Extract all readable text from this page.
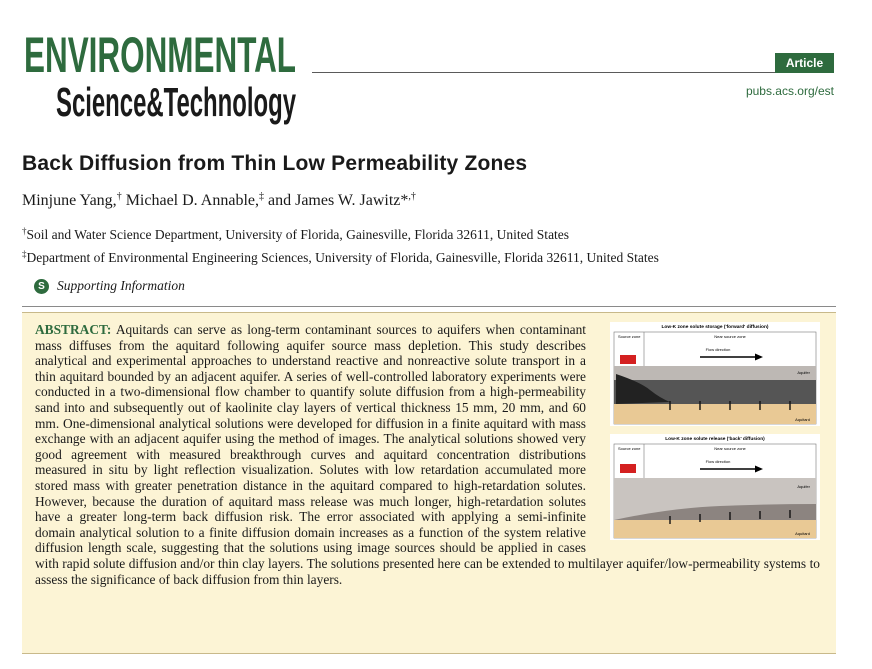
ENVIRONMENTAL
Science&Technology
Article
pubs.acs.org/est
Back Diffusion from Thin Low Permeability Zones
Minjune Yang,† Michael D. Annable,‡ and James W. Jawitz*,†
†Soil and Water Science Department, University of Florida, Gainesville, Florida 32611, United States
‡Department of Environmental Engineering Sciences, University of Florida, Gainesville, Florida 32611, United States
S Supporting Information
ABSTRACT: Aquitards can serve as long-term contaminant sources to aquifers when contaminant mass diffuses from the aquitard following aquifer source mass depletion. This study describes analytical and experimental approaches to understand reactive and nonreactive solute transport in a thin aquitard bounded by an adjacent aquifer. A series of well-controlled laboratory experiments were conducted in a two-dimensional flow chamber to quantify solute diffusion from a high-permeability sand into and subsequently out of kaolinite clay layers of vertical thickness 15 mm, 20 mm, and 60 mm. One-dimensional analytical solutions were developed for diffusion in a finite aquitard with mass exchange with an adjacent aquifer using the method of images. The analytical solutions showed very good agreement with measured breakthrough curves and aquitard concentration distributions measured in situ by light reflection visualization. Solutes with low retardation accumulated more stored mass with greater penetration distance in the aquitard compared to high-retardation solutes. However, because the duration of aquitard mass release was much longer, high-retardation solutes have a greater long-term back diffusion risk. The error associated with applying a semi-infinite domain analytical solution to a finite diffusion domain increases as a function of the system relative diffusion length scale, suggesting that the solutions using image sources should be applied in cases with rapid solute diffusion and/or thin clay layers. The solutions presented here can be extended to multilayer aquifer/low-permeability systems to assess the significance of back diffusion from thin layers.
Low-K zone solute storage ('forward' diffusion)
Source zone	Near source zone
Flow direction
Aquifer
Aquitard
Low-K zone solute release ('back' diffusion)
Source zone	Near source zone
Flow direction
Aquifer
Aquitard
